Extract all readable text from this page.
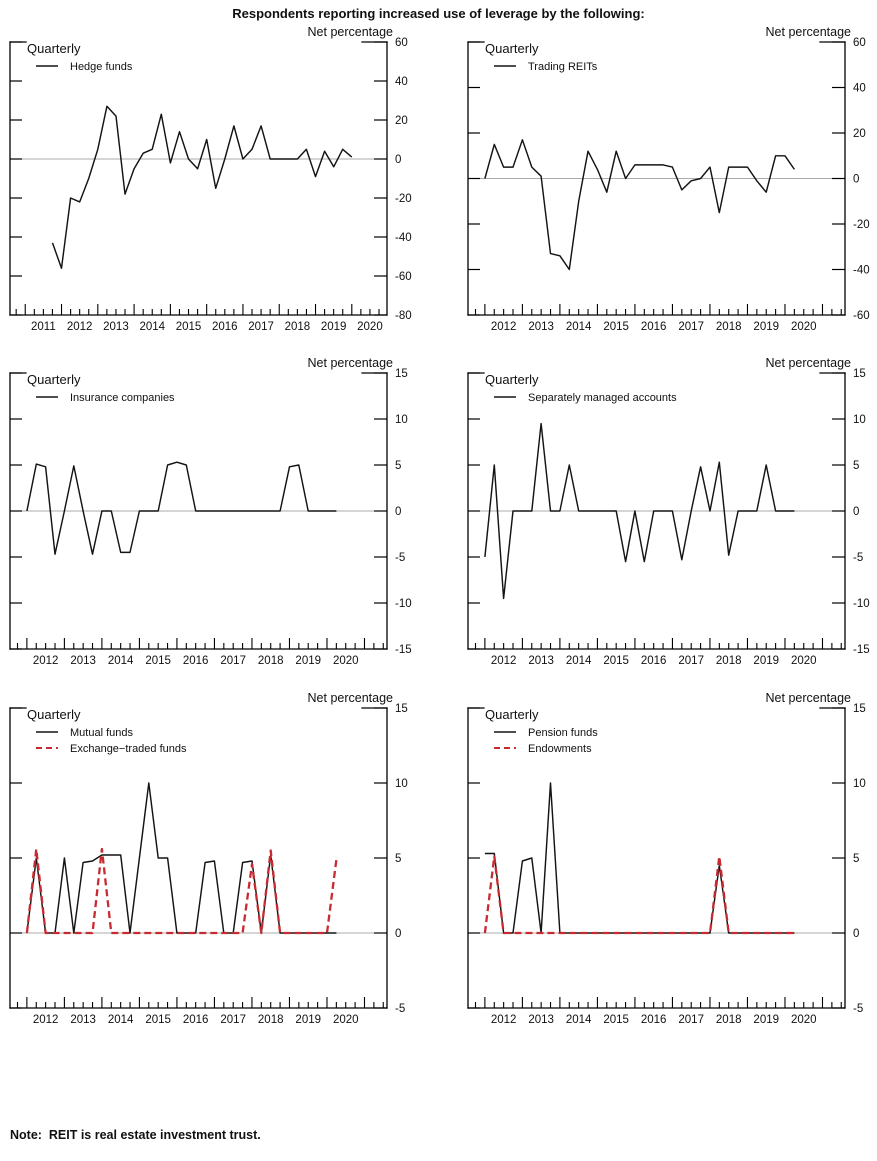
Respondents reporting increased use of leverage by the following:
60
40
20
0
-20
-40
-60
-80
2011 2012 2013 2014 2015 2016 2017 2018 2019 2020
Net percentage
Quarterly
Hedge funds
60
40
20
0
-20
-40
-60
2012 2013 2014 2015 2016 2017 2018 2019 2020
Net percentage
Quarterly
Trading REITs
15
10
5
0
-5
-10
-15
2012 2013 2014 2015 2016 2017 2018 2019 2020
Net percentage
Quarterly
Insurance companies
15
10
5
0
-5
-10
-15
2012 2013 2014 2015 2016 2017 2018 2019 2020
Net percentage
Quarterly
Separately managed accounts
15
10
5
0
-5
2012 2013 2014 2015 2016 2017 2018 2019 2020
Net percentage
Quarterly
Mutual funds
Exchange−traded funds
15
10
5
0
-5
2012 2013 2014 2015 2016 2017 2018 2019 2020
Net percentage
Quarterly
Pension funds
Endowments
Note:  REIT is real estate investment trust.
